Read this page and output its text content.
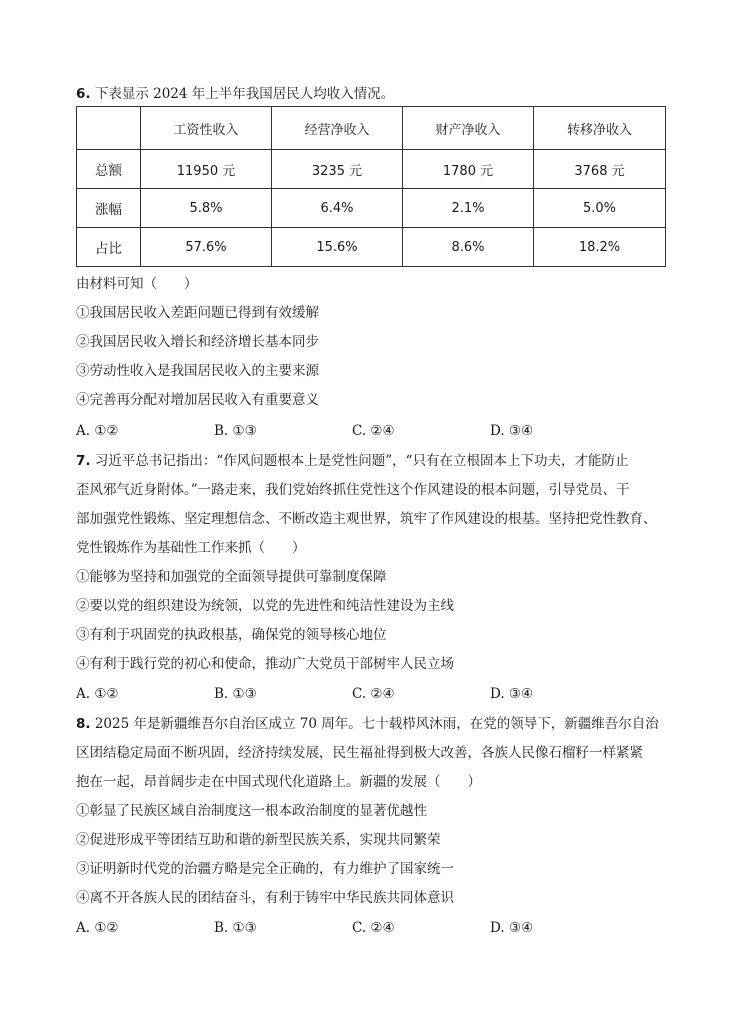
6. 下表显示 2024 年上半年我国居民人均收入情况。
	工资性收入	经营净收入	财产净收入	转移净收入
总额	11950 元	3235 元	1780 元	3768 元
涨幅	5.8%	6.4%	2.1%	5.0%
占比	57.6%	15.6%	8.6%	18.2%
由材料可知（　　）
①我国居民收入差距问题已得到有效缓解
②我国居民收入增长和经济增长基本同步
③劳动性收入是我国居民收入的主要来源
④完善再分配对增加居民收入有重要意义
A. ①②	B. ①③	C. ②④	D. ③④
7. 习近平总书记指出：“作风问题根本上是党性问题”，“只有在立根固本上下功夫，才能防止
歪风邪气近身附体。”一路走来，我们党始终抓住党性这个作风建设的根本问题，引导党员、干
部加强党性锻炼、坚定理想信念、不断改造主观世界，筑牢了作风建设的根基。坚持把党性教育、
党性锻炼作为基础性工作来抓（　　）
①能够为坚持和加强党的全面领导提供可靠制度保障
②要以党的组织建设为统领，以党的先进性和纯洁性建设为主线
③有利于巩固党的执政根基，确保党的领导核心地位
④有利于践行党的初心和使命，推动广大党员干部树牢人民立场
A. ①②	B. ①③	C. ②④	D. ③④
8. 2025 年是新疆维吾尔自治区成立 70 周年。七十载栉风沐雨，在党的领导下，新疆维吾尔自治
区团结稳定局面不断巩固，经济持续发展，民生福祉得到极大改善，各族人民像石榴籽一样紧紧
抱在一起，昂首阔步走在中国式现代化道路上。新疆的发展（　　）
①彰显了民族区域自治制度这一根本政治制度的显著优越性
②促进形成平等团结互助和谐的新型民族关系，实现共同繁荣
③证明新时代党的治疆方略是完全正确的，有力维护了国家统一
④离不开各族人民的团结奋斗，有利于铸牢中华民族共同体意识
A. ①②	B. ①③	C. ②④	D. ③④
